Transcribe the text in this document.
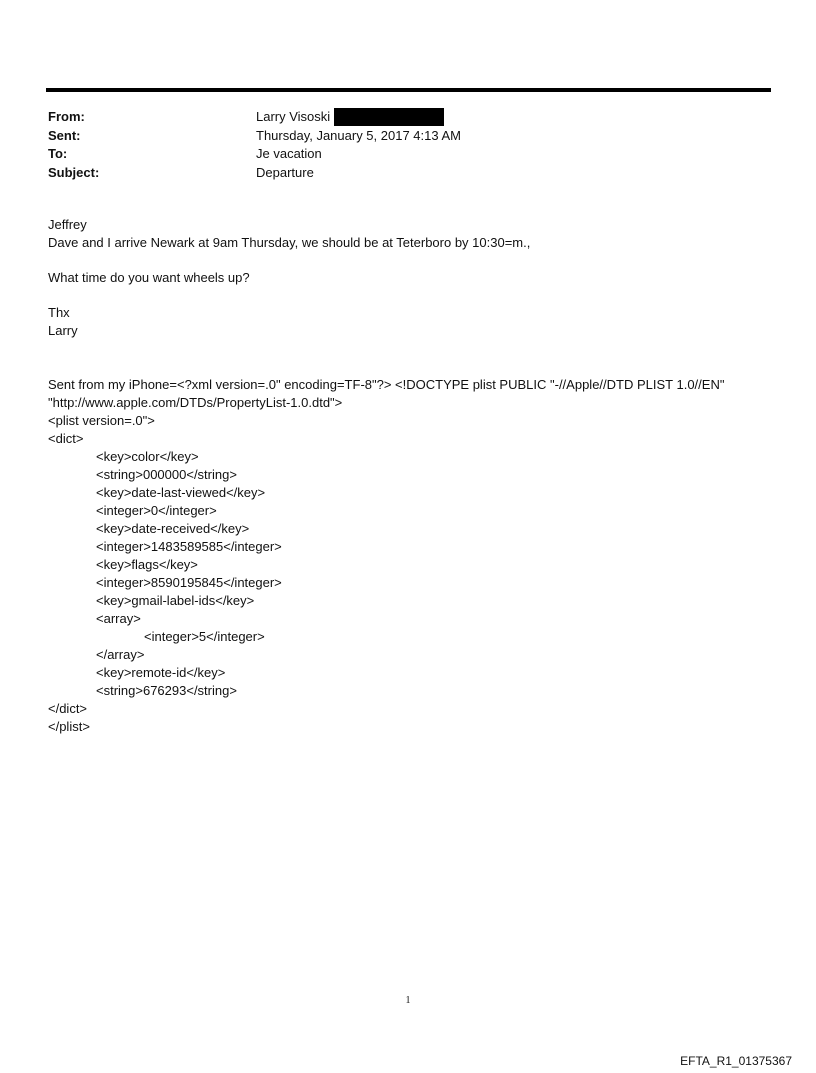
From:	Larry Visoski
Sent:	Thursday, January 5, 2017 4:13 AM
To:	Je vacation
Subject:	Departure
Jeffrey
Dave and I arrive Newark at 9am Thursday, we should be at Teterboro by 10:30=m.,
What time do you want wheels up?
Thx
Larry
Sent from my iPhone=<?xml version=.0" encoding=TF-8"?> <!DOCTYPE plist PUBLIC "-//Apple//DTD PLIST 1.0//EN"
"http://www.apple.com/DTDs/PropertyList-1.0.dtd">
<plist version=.0">
<dict>
<key>color</key>
<string>000000</string>
<key>date-last-viewed</key>
<integer>0</integer>
<key>date-received</key>
<integer>1483589585</integer>
<key>flags</key>
<integer>8590195845</integer>
<key>gmail-label-ids</key>
<array>
<integer>5</integer>
</array>
<key>remote-id</key>
<string>676293</string>
</dict>
</plist>
1
EFTA_R1_01375367
